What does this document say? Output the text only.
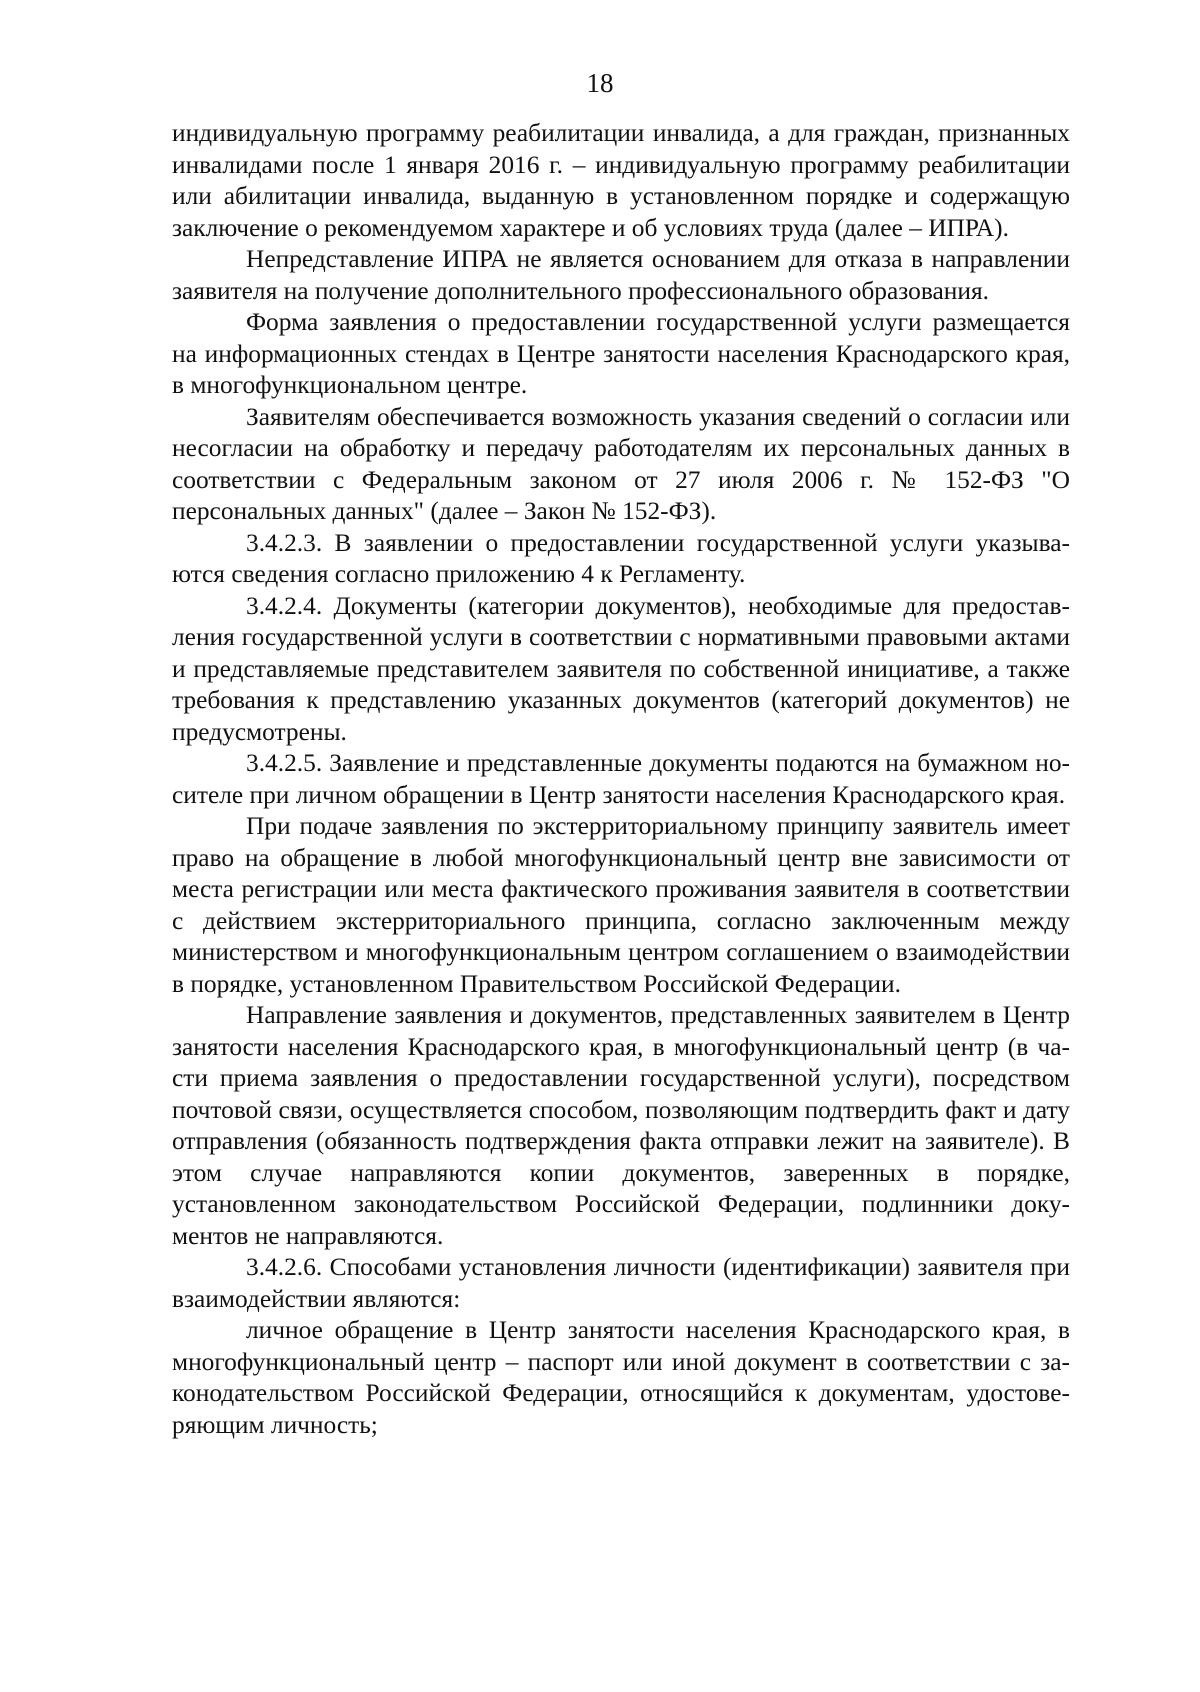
18

индивидуальную программу реабилитации инвалида, а для граждан, признанных инвалидами после 1 января 2016 г. – индивидуальную программу реабилитации или абилитации инвалида, выданную в установленном порядке и содержащую заключение о рекомендуемом характере и об условиях труда (далее – ИПРА).

Непредставление ИПРА не является основанием для отказа в направлении заявителя на получение дополнительного профессионального образования.

Форма заявления о предоставлении государственной услуги размещается на информационных стендах в Центре занятости населения Краснодарского края, в многофункциональном центре.

Заявителям обеспечивается возможность указания сведений о согласии или несогласии на обработку и передачу работодателям их персональных данных в соответствии с Федеральным законом от 27 июля 2006 г. № 152-ФЗ "О персональных данных" (далее – Закон № 152-ФЗ).

3.4.2.3. В заявлении о предоставлении государственной услуги указываются сведения согласно приложению 4 к Регламенту.

3.4.2.4. Документы (категории документов), необходимые для предоставления государственной услуги в соответствии с нормативными правовыми актами и представляемые представителем заявителя по собственной инициативе, а также требования к представлению указанных документов (категорий документов) не предусмотрены.

3.4.2.5. Заявление и представленные документы подаются на бумажном носителе при личном обращении в Центр занятости населения Краснодарского края.

При подаче заявления по экстерриториальному принципу заявитель имеет право на обращение в любой многофункциональный центр вне зависимости от места регистрации или места фактического проживания заявителя в соответствии с действием экстерриториального принципа, согласно заключенным между министерством и многофункциональным центром соглашением о взаимодействии в порядке, установленном Правительством Российской Федерации.

Направление заявления и документов, представленных заявителем в Центр занятости населения Краснодарского края, в многофункциональный центр (в части приема заявления о предоставлении государственной услуги), посредством почтовой связи, осуществляется способом, позволяющим подтвердить факт и дату отправления (обязанность подтверждения факта отправки лежит на заявителе). В этом случае направляются копии документов, заверенных в порядке, установленном законодательством Российской Федерации, подлинники документов не направляются.

3.4.2.6. Способами установления личности (идентификации) заявителя при взаимодействии являются:

личное обращение в Центр занятости населения Краснодарского края, в многофункциональный центр – паспорт или иной документ в соответствии с законодательством Российской Федерации, относящийся к документам, удостоверяющим личность;
